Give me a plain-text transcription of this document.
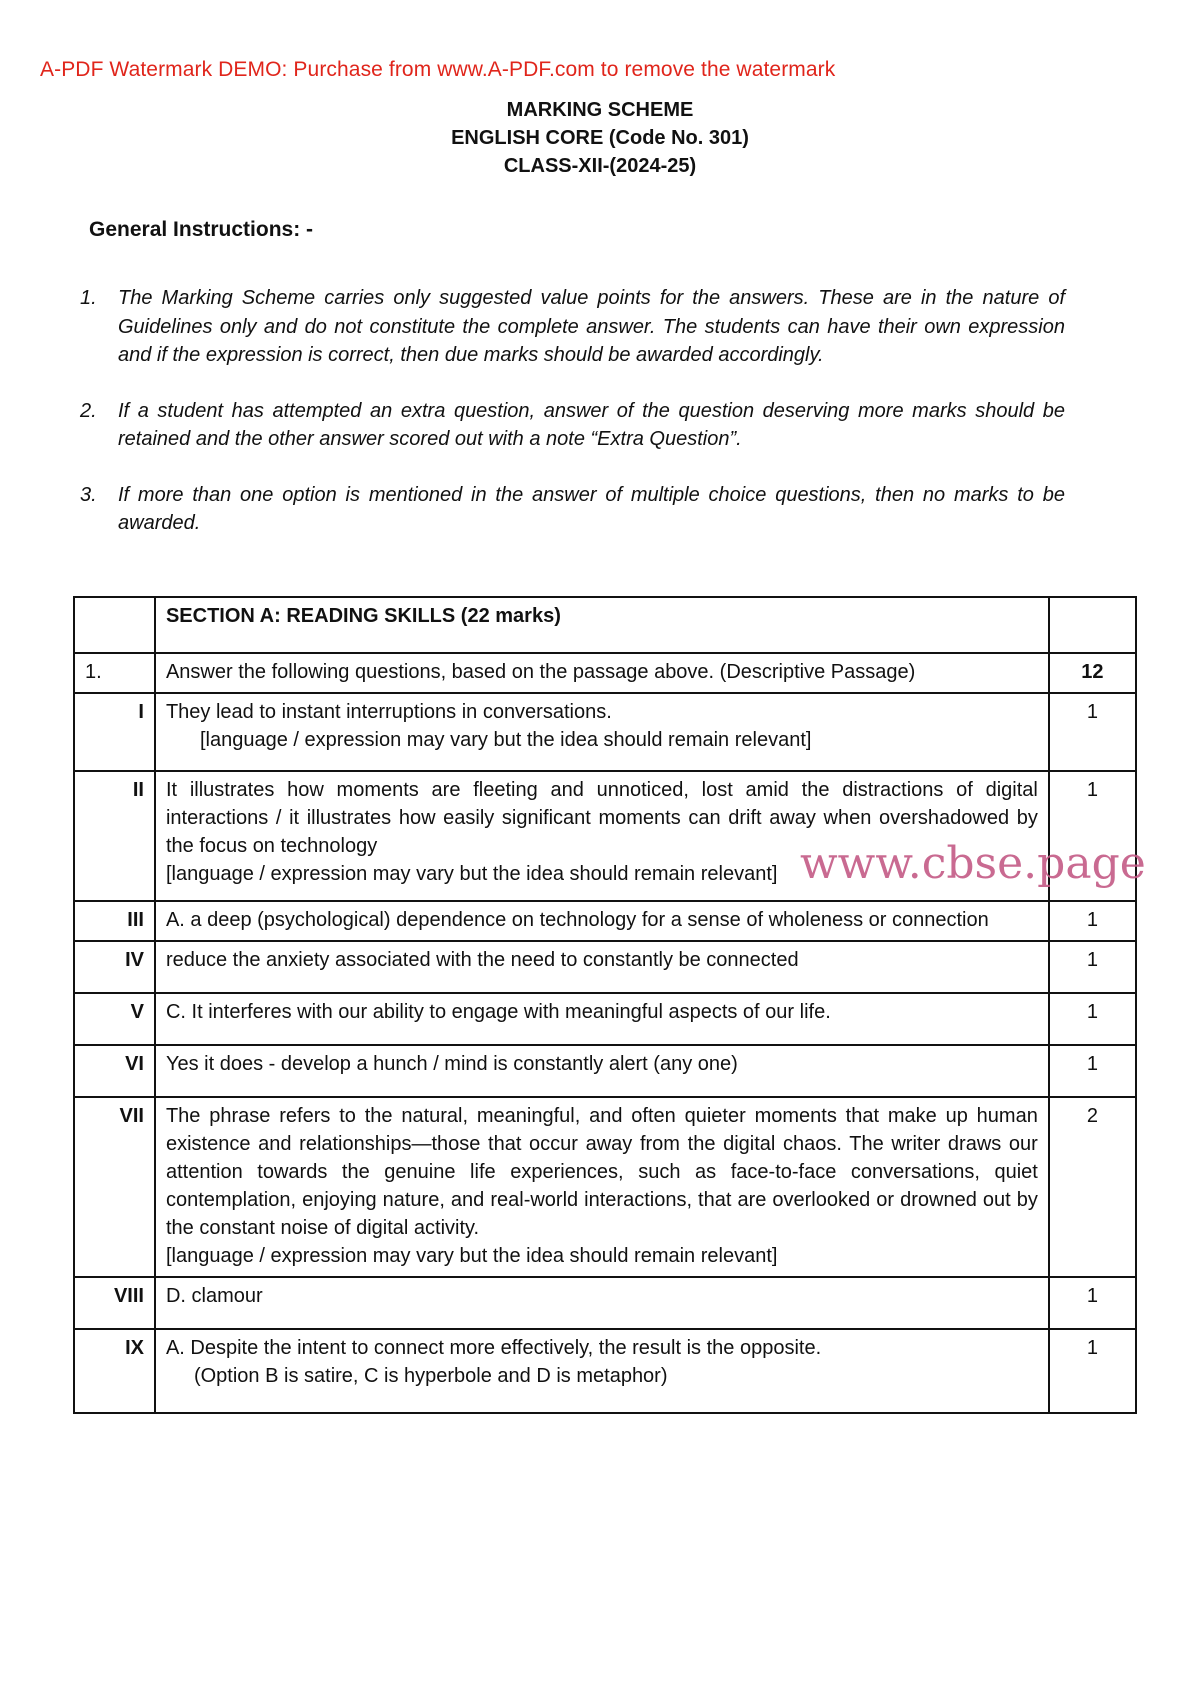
A-PDF Watermark DEMO: Purchase from www.A-PDF.com to remove the watermark
MARKING SCHEME
ENGLISH CORE (Code No. 301)
CLASS-XII-(2024-25)
General Instructions: -
1. The Marking Scheme carries only suggested value points for the answers. These are in the nature of Guidelines only and do not constitute the complete answer. The students can have their own expression and if the expression is correct, then due marks should be awarded accordingly.
2. If a student has attempted an extra question, answer of the question deserving more marks should be retained and the other answer scored out with a note “Extra Question”.
3. If more than one option is mentioned in the answer of multiple choice questions, then no marks to be awarded.
	SECTION A: READING SKILLS (22 marks)	
1.	Answer the following questions, based on the passage above. (Descriptive Passage)	12
I	They lead to instant interruptions in conversations.
[language / expression may vary but the idea should remain relevant]	1
II	It illustrates how moments are fleeting and unnoticed, lost amid the distractions of digital interactions / it illustrates how easily significant moments can drift away when overshadowed by the focus on technology
[language / expression may vary but the idea should remain relevant]	1
III	A. a deep (psychological) dependence on technology for a sense of wholeness or connection	1
IV	reduce the anxiety associated with the need to constantly be connected	1
V	C. It interferes with our ability to engage with meaningful aspects of our life.	1
VI	Yes it does - develop a hunch / mind is constantly alert (any one)	1
VII	The phrase refers to the natural, meaningful, and often quieter moments that make up human existence and relationships—those that occur away from the digital chaos. The writer draws our attention towards the genuine life experiences, such as face-to-face conversations, quiet contemplation, enjoying nature, and real-world interactions, that are overlooked or drowned out by the constant noise of digital activity.
[language / expression may vary but the idea should remain relevant]	2
VIII	D. clamour	1
IX	A. Despite the intent to connect more effectively, the result is the opposite.
(Option B is satire, C is hyperbole and D is metaphor)	1
www.cbse.page
